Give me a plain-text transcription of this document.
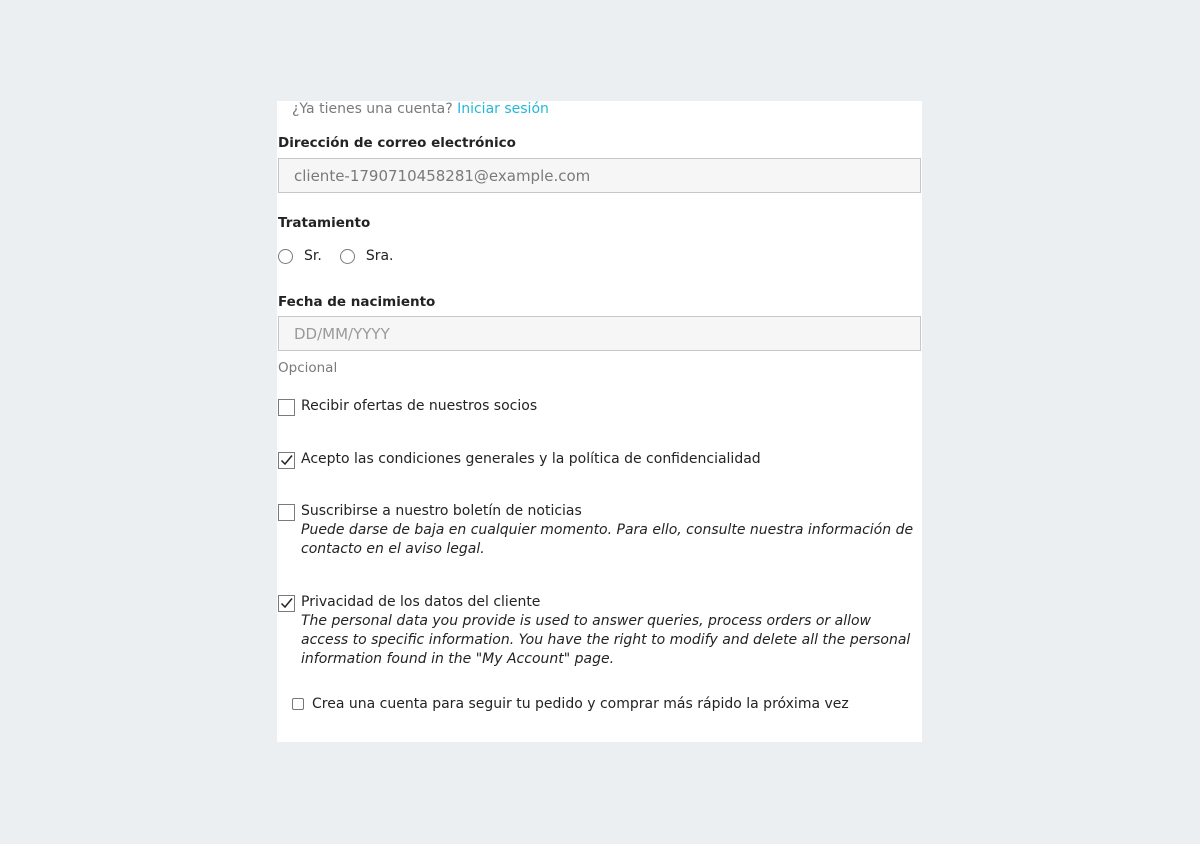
¿Ya tienes una cuenta? Iniciar sesión
Dirección de correo electrónico
cliente-1790710458281@example.com
Tratamiento
Sr.	Sra.
Fecha de nacimiento
DD/MM/YYYY
Opcional
Recibir ofertas de nuestros socios
Acepto las condiciones generales y la política de confidencialidad
Suscribirse a nuestro boletín de noticias
Puede darse de baja en cualquier momento. Para ello, consulte nuestra información de contacto en el aviso legal.
Privacidad de los datos del cliente
The personal data you provide is used to answer queries, process orders or allow access to specific information. You have the right to modify and delete all the personal information found in the "My Account" page.
Crea una cuenta para seguir tu pedido y comprar más rápido la próxima vez
